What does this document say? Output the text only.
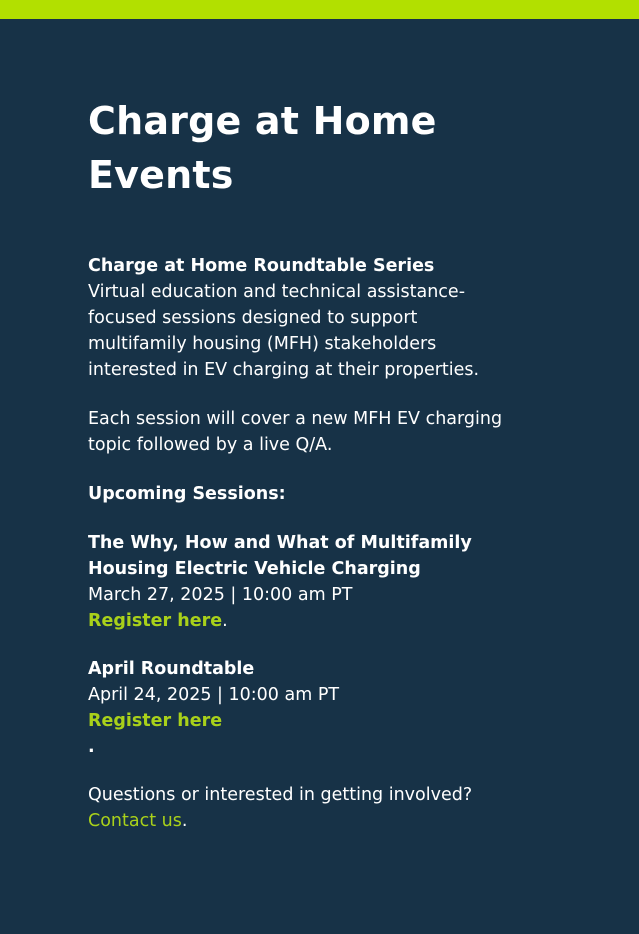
Charge at Home Events
Charge at Home Roundtable Series
Virtual education and technical assistance-focused sessions designed to support multifamily housing (MFH) stakeholders interested in EV charging at their properties.
Each session will cover a new MFH EV charging topic followed by a live Q/A.
Upcoming Sessions:
The Why, How and What of Multifamily Housing Electric Vehicle Charging
March 27, 2025 | 10:00 am PT
Register here.
April Roundtable
April 24, 2025 | 10:00 am PT
Register here
.
Questions or interested in getting involved? Contact us.
